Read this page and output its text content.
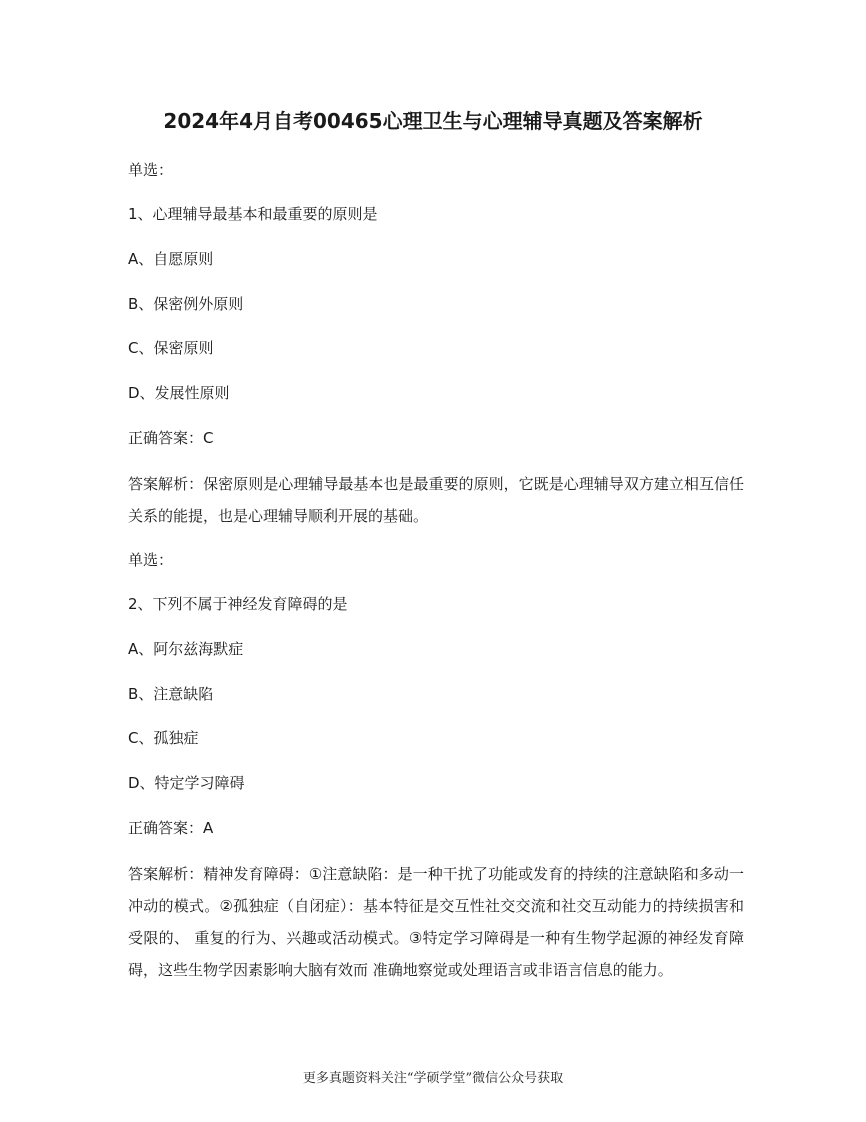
2024年4月自考00465心理卫生与心理辅导真题及答案解析

单选：

1、心理辅导最基本和最重要的原则是

A、自愿原则

B、保密例外原则

C、保密原则

D、发展性原则

正确答案：C

答案解析：保密原则是心理辅导最基本也是最重要的原则，它既是心理辅导双方建立相互信任关系的能提，也是心理辅导顺利开展的基础。

单选：

2、下列不属于神经发育障碍的是

A、阿尔兹海默症

B、注意缺陷

C、孤独症

D、特定学习障碍

正确答案：A

答案解析：精神发育障碍：①注意缺陷：是一种干扰了功能或发育的持续的注意缺陷和多动一冲动的模式。②孤独症（自闭症）：基本特征是交互性社交交流和社交互动能力的持续损害和受限的、 重复的行为、兴趣或活动模式。③特定学习障碍是一种有生物学起源的神经发育障碍，这些生物学因素影响大脑有效而 准确地察觉或处理语言或非语言信息的能力。

更多真题资料关注“学硕学堂”微信公众号获取
